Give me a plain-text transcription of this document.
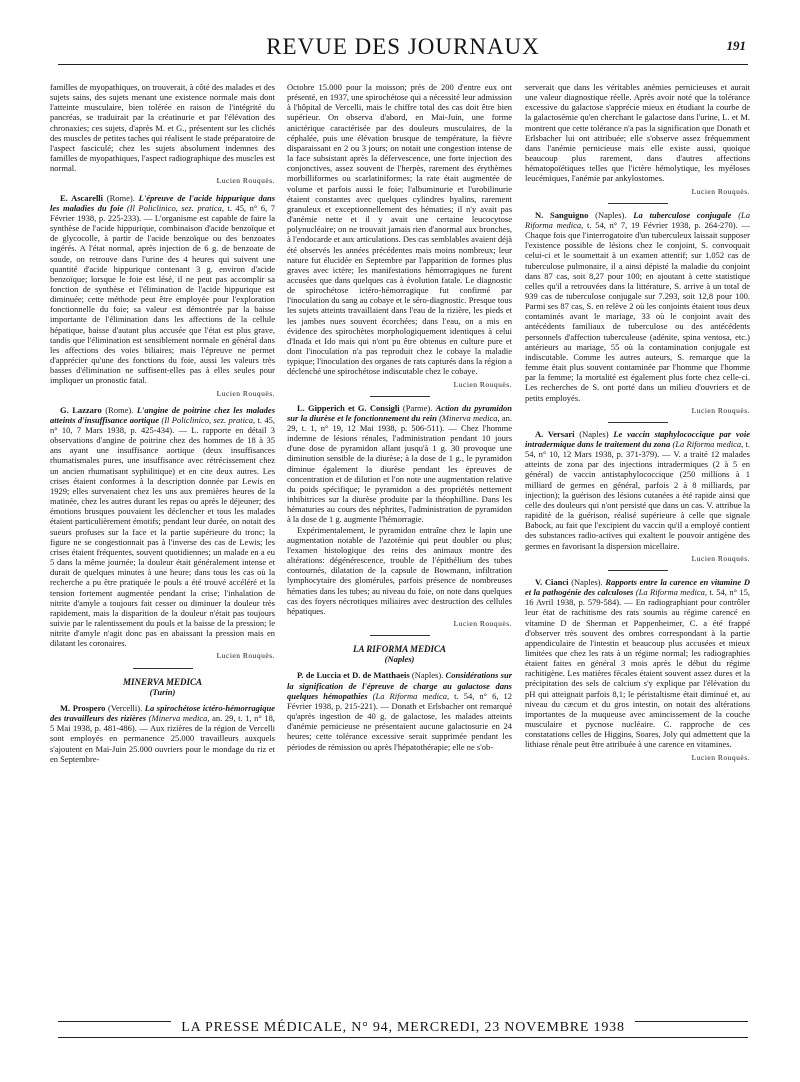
REVUE DES JOURNAUX	191

familles de myopathiques, on trouverait, à côté des malades et des sujets sains, des sujets menant une existence normale mais dont l'atteinte musculaire, bien tolérée en raison de l'intégrité du pancréas, se traduirait par la créatinurie et par l'élévation des chronaxies; ces sujets, d'après M. et G., présentent sur les clichés des muscles de petites taches qui réalisent le stade préparatoire de l'aspect fasciculé; chez les sujets absolument indemnes des familles de myopathiques, l'aspect radiographique des muscles est normal.

Lucien Rouquès.

E. Ascarelli (Rome). L'épreuve de l'acide hippurique dans les maladies du foie (Il Policlinico, sez. pratica, t. 45, n° 6, 7 Février 1938, p. 225-233). — L'organisme est capable de faire la synthèse de l'acide hippurique, combinaison d'acide benzoïque et de glycocolle, à partir de l'acide benzoïque ou des benzoates ingérés. A l'état normal, après injection de 6 g. de benzoate de soude, on retrouve dans l'urine des 4 heures qui suivent une quantité d'acide hippurique contenant 3 g. environ d'acide benzoïque; lorsque le foie est lésé, il ne peut pas accomplir sa fonction de synthèse et l'élimination de l'acide hippurique est diminuée; cette méthode peut être employée pour l'exploration fonctionnelle du foie; sa valeur est démontrée par la baisse importante de l'élimination dans les affections de la cellule hépatique, baisse d'autant plus accusée que l'état est plus grave, tandis que l'élimination est sensiblement normale en général dans les affections des voies biliaires; mais l'épreuve ne permet d'apprécier qu'une des fonctions du foie, aussi les valeurs très basses d'élimination ne suffisent-elles pas à elles seules pour impliquer un pronostic fatal.

Lucien Rouquès.

G. Lazzaro (Rome). L'angine de poitrine chez les malades atteints d'insuffisance aortique (Il Policlinico, sez. pratica, t. 45, n° 10, 7 Mars 1938, p. 425-434). — L. rapporte en détail 3 observations d'angine de poitrine chez des hommes de 18 à 35 ans ayant une insuffisance aortique (deux insuffisances rhumatismales pures, une insuffisance avec rétrécissement chez un ancien rhumatisant syphilitique) et en cite deux autres. Les crises étaient conformes à la description donnée par Lewis en 1929; elles survenaient chez les uns aux premières heures de la matinée, chez les autres durant les repas ou après le déjeuner; des émotions brusques pouvaient les déclencher et tous les malades étaient particulièrement émotifs; pendant leur durée, on notait des sueurs profuses sur la face et la partie supérieure du tronc; la figure ne se congestionnait pas à l'inverse des cas de Lewis; les crises étaient fréquentes, souvent quotidiennes; un malade en a eu 5 dans la même journée; la douleur était généralement intense et durait de quelques minutes à une heure; dans tous les cas où la recherche a pu être pratiquée le pouls a été trouvé accéléré et la tension fortement augmentée pendant la crise; l'inhalation de nitrite d'amyle a toujours fait cesser ou diminuer la douleur très rapidement, mais la disparition de la douleur n'était pas toujours suivie par le ralentissement du pouls et la baisse de la pression; le nitrite d'amyle n'agit donc pas en abaissant la pression mais en dilatant les coronaires.

Lucien Rouquès.
MINERVA MEDICA
(Turin)

M. Prospero (Vercelli). La spirochétose ictéro-hémorragique des travailleurs des rizières (Minerva medica, an. 29, t. 1, n° 18, 5 Mai 1938, p. 481-486). — Aux rizières de la région de Vercelli sont employés en permanence 25.000 travailleurs auxquels s'ajoutent en Mai-Juin 25.000 ouvriers pour le mondage du riz et en Septembre-

Octobre 15.000 pour la moisson; près de 200 d'entre eux ont présenté, en 1937, une spirochétose qui a nécessité leur admission à l'hôpital de Vercelli, mais le chiffre total des cas doit être bien supérieur. On observa d'abord, en Mai-Juin, une forme anictérique caractérisée par des douleurs musculaires, de la céphalée, puis une élévation brusque de température, la fièvre disparaissant en 2 ou 3 jours; on notait une congestion intense de la face subsistant après la défervescence, une forte injection des conjonctives, assez souvent de l'herpès, rarement des érythèmes morbilliformes ou scarlatiniformes; la rate était augmentée de volume et parfois aussi le foie; l'albuminurie et l'urobilinurie étaient constantes avec quelques cylindres hyalins, rarement granuleux et exceptionnellement des hématies; il n'y avait pas d'anémie nette et il y avait une certaine leucocytose polynucléaire; on ne trouvait jamais rien d'anormal aux bronches, à l'endocarde et aux articulations. Des cas semblables avaient déjà été observés les années précédentes mais moins nombreux; leur nature fut élucidée en Septembre par l'apparition de formes plus graves avec ictère; les manifestations hémorragiques ne furent accusées que dans quelques cas à évolution fatale. Le diagnostic de spirochétose ictéro-hémorragique fut confirmé par l'inoculation du sang au cobaye et le séro-diagnostic. Presque tous les sujets atteints travaillaient dans l'eau de la rizière, les pieds et les jambes nues souvent écorchées; dans l'eau, on a mis en évidence des spirochètes morphologiquement identiques à celui d'Inada et Ido mais qui n'ont pu être obtenus en culture pure et dont l'inoculation n'a pas reproduit chez le cobaye la maladie typique; l'inoculation des organes de rats capturés dans la région a déclenché une spirochétose indiscutable chez le cobaye.

Lucien Rouquès.

L. Gipperich et G. Consigli (Parme). Action du pyramidon sur la diurèse et le fonctionnement du rein (Minerva medica, an. 29, t. 1, n° 19, 12 Mai 1938, p. 506-511). — Chez l'homme indemne de lésions rénales, l'administration pendant 10 jours d'une dose de pyramidon allant jusqu'à 1 g. 30 provoque une diminution sensible de la diurèse; à la dose de 1 g., le pyramidon diminue également la diurèse pendant les épreuves de concentration et de dilution et l'on note une augmentation relative du poids spécifique; le pyramidon a des propriétés nettement inhibitrices sur la diurèse produite par la théophilline. Dans les hématuries au cours des néphrites, l'administration de pyramidon à la dose de 1 g. augmente l'hémorragie.

Expérimentalement, le pyramidon entraîne chez le lapin une augmentation notable de l'azotémie qui peut doubler ou plus; l'examen histologique des reins des animaux montre des altérations: dégénérescence, trouble de l'épithélium des tubes contournés, dilatation de la capsule de Bowmann, infiltration lymphocytaire des glomérules, parfois présence de nombreuses hématies dans les tubes; au niveau du foie, on note dans quelques cas des foyers nécrotiques miliaires avec destruction des cellules hépatiques.

Lucien Rouquès.
LA RIFORMA MEDICA
(Naples)

P. de Luccia et D. de Matthaeis (Naples). Considérations sur la signification de l'épreuve de charge au galactose dans quelques hémopathies (La Riforma medica, t. 54, n° 6, 12 Février 1938, p. 215-221). — Donath et Erlsbacher ont remarqué qu'après ingestion de 40 g. de galactose, les malades atteints d'anémie pernicieuse ne présentaient aucune galactosurie en 24 heures; cette tolérance excessive serait supprimée pendant les périodes de rémission ou après l'hépatothérapie; elle ne s'ob-

serverait que dans les véritables anémies pernicieuses et aurait une valeur diagnostique réelle. Après avoir noté que la tolérance excessive du galactose s'apprécie mieux en étudiant la courbe de la galactosémie qu'en cherchant le galactose dans l'urine, L. et M. montrent que cette tolérance n'a pas la signification que Donath et Erlsbacher lui ont attribuée; elle s'observe assez fréquemment dans l'anémie pernicieuse mais elle existe aussi, quoique beaucoup plus rarement, dans d'autres affections hématopoïétiques telles que l'ictère hémolytique, les myéloses leucémiques, l'anémie par ankylostomes.

Lucien Rouquès.

N. Sanguigno (Naples). La tuberculose conjugale (La Riforma medica, t. 54, n° 7, 19 Février 1938, p. 264-270). — Chaque fois que l'interrogatoire d'un tuberculeux laissait supposer l'existence possible de lésions chez le conjoint, S. convoquait celui-ci et le soumettait à un examen attentif; sur 1.052 cas de tuberculose pulmonaire, il a ainsi dépisté la maladie du conjoint dans 87 cas, soit 8,27 pour 100; en ajoutant à cette statistique celles qu'il a retrouvées dans la littérature, S. arrive à un total de 939 cas de tuberculose conjugale sur 7.293, soit 12,8 pour 100. Parmi ses 87 cas, S. en relève 2 où les conjoints étaient tous deux contaminés avant le mariage, 33 où le conjoint avait des antécédents familiaux de tuberculose ou des antécédents personnels d'affection tuberculeuse (adénite, spina ventosa, etc.) antérieurs au mariage, 55 où la contamination conjugale est indiscutable. Comme les autres auteurs, S. remarque que la femme était plus souvent contaminée par l'homme que l'homme par la femme; la mortalité est également plus forte chez celle-ci. Les recherches de S. ont porté dans un milieu d'ouvriers et de petits employés.

Lucien Rouquès.

A. Versari (Naples) Le vaccin staphylococcique par voie intradermique dans le traitement du zona (La Riforma medica, t. 54, n° 10, 12 Mars 1938, p. 371-379). — V. a traité 12 malades atteints de zona par des injections intradermiques (2 à 5 en général) de vaccin antistaphylococcique (250 millions à 1 milliard de germes en général, parfois 2 à 8 milliards, par injection); la guérison des lésions cutanées a été rapide ainsi que celle des douleurs qui n'ont persisté que dans un cas. V. attribue la rapidité de la guérison, réalisé supérieure à celle que signale Babock, au fait que l'excipient du vaccin qu'il a employé contient des substances radio-actives qui exaltent le pouvoir antigène des germes en favorisant la dispersion micellaire.

Lucien Rouquès.

V. Cianci (Naples). Rapports entre la carence en vitamine D et la pathogénie des calculoses (La Riforma medica, t. 54, n° 15, 16 Avril 1938, p. 579-584). — En radiographiant pour contrôler leur état de rachitisme des rats soumis au régime carencé en vitamine D de Sherman et Pappenheimer, C. a été frappé d'observer très souvent des ombres correspondant à la partie appendiculaire de l'intestin et beaucoup plus accusées et mieux limitées que chez les rats à un régime normal; les radiographies étaient faites en général 3 mois après le début du régime rachitigène. Les matières fécales étaient souvent assez dures et la précipitation des sels de calcium s'y explique par l'élévation du pH qui atteignait parfois 8,1; le péristaltisme était diminué et, au niveau du cæcum et du gros intestin, on notait des altérations importantes de la muqueuse avec amincissement de la couche musculaire et pycnose nucléaire. C. rapproche de ces constatations celles de Higgins, Soares, Joly qui admettent que la lithiase rénale peut être attribuée à une carence en vitamines.

Lucien Rouquès.
LA PRESSE MÉDICALE, N° 94, MERCREDI, 23 NOVEMBRE 1938
